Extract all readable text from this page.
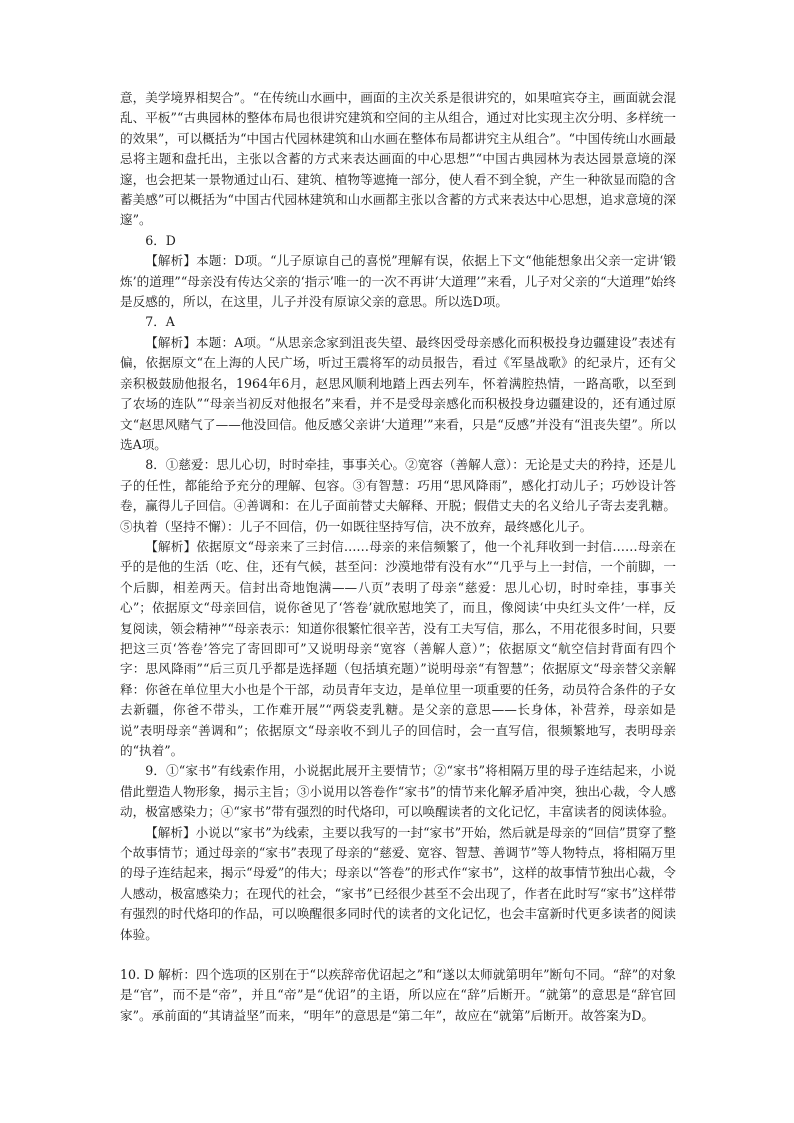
意，美学境界相契合”。“在传统山水画中，画面的主次关系是很讲究的，如果喧宾夺主，画面就会混乱、平板”“古典园林的整体布局也很讲究建筑和空间的主从组合，通过对比实现主次分明、多样统一的效果”，可以概括为“中国古代园林建筑和山水画在整体布局都讲究主从组合”。“中国传统山水画最忌将主题和盘托出，主张以含蓄的方式来表达画面的中心思想”“中国古典园林为表达园景意境的深邃，也会把某一景物通过山石、建筑、植物等遮掩一部分，使人看不到全貌，产生一种欲显而隐的含蓄美感”可以概括为“中国古代园林建筑和山水画都主张以含蓄的方式来表达中心思想，追求意境的深邃”。

6．D

【解析】本题：D项。“儿子原谅自己的喜悦”理解有误，依据上下文“他能想象出父亲一定讲‘锻炼’的道理”“母亲没有传达父亲的‘指示’唯一的一次不再讲‘大道理’”来看，儿子对父亲的“大道理”始终是反感的，所以，在这里，儿子并没有原谅父亲的意思。所以选D项。

7．A

【解析】本题：A项。“从思亲念家到沮丧失望、最终因受母亲感化而积极投身边疆建设”表述有偏，依据原文“在上海的人民广场，听过王震将军的动员报告，看过《军垦战歌》的纪录片，还有父亲积极鼓励他报名，1964年6月，赵思风顺利地踏上西去列车，怀着满腔热情，一路高歌，以至到了农场的连队”“母亲当初反对他报名”来看，并不是受母亲感化而积极投身边疆建设的，还有通过原文“赵思风赌气了——他没回信。他反感父亲讲‘大道理’”来看，只是“反感”并没有“沮丧失望”。所以选A项。

8．①慈爱：思儿心切，时时牵挂，事事关心。②宽容（善解人意）：无论是丈夫的矜持，还是儿子的任性，都能给予充分的理解、包容。③有智慧：巧用“思风降雨”，感化打动儿子；巧妙设计答卷，赢得儿子回信。④善调和：在儿子面前替丈夫解释、开脱；假借丈夫的名义给儿子寄去麦乳糖。⑤执着（坚持不懈）：儿子不回信，仍一如既往坚持写信，决不放弃，最终感化儿子。

【解析】依据原文“母亲来了三封信……母亲的来信频繁了，他一个礼拜收到一封信……母亲在乎的是他的生活（吃、住，还有气候，甚至问：沙漠地带有没有水”“几乎与上一封信，一个前脚，一个后脚，相差两天。信封出奇地饱满——八页”表明了母亲“慈爱：思儿心切，时时牵挂，事事关心”；依据原文“母亲回信，说你爸见了‘答卷’就欣慰地笑了，而且，像阅读‘中央红头文件’一样，反复阅读，领会精神”“母亲表示：知道你很繁忙很辛苦，没有工夫写信，那么，不用花很多时间，只要把这三页‘答卷’答完了寄回即可”又说明母亲“宽容（善解人意）”；依据原文“航空信封背面有四个字：思风降雨”“后三页几乎都是选择题（包括填充题）”说明母亲“有智慧”；依据原文“母亲替父亲解释：你爸在单位里大小也是个干部，动员青年支边，是单位里一项重要的任务，动员符合条件的子女去新疆，你爸不带头，工作难开展”“两袋麦乳糖。是父亲的意思——长身体，补营养，母亲如是说”表明母亲“善调和”；依据原文“母亲收不到儿子的回信时，会一直写信，很频繁地写，表明母亲的“执着”。

9．①“家书”有线索作用，小说据此展开主要情节；②“家书”将相隔万里的母子连结起来，小说借此塑造人物形象，揭示主旨；③小说用以答卷作“家书”的情节来化解矛盾冲突，独出心裁，令人感动，极富感染力；④“家书”带有强烈的时代烙印，可以唤醒读者的文化记忆，丰富读者的阅读体验。

【解析】小说以“家书”为线索，主要以我写的一封“家书”开始，然后就是母亲的“回信”贯穿了整个故事情节；通过母亲的“家书”表现了母亲的“慈爱、宽容、智慧、善调节”等人物特点，将相隔万里的母子连结起来，揭示“母爱”的伟大；母亲以“答卷”的形式作“家书”，这样的故事情节独出心裁，令人感动，极富感染力；在现代的社会，“家书”已经很少甚至不会出现了，作者在此时写“家书”这样带有强烈的时代烙印的作品，可以唤醒很多同时代的读者的文化记忆，也会丰富新时代更多读者的阅读体验。

10. D 解析：四个选项的区别在于“以疾辞帝优诏起之”和“遂以太师就第明年”断句不同。“辞”的对象是“官”，而不是“帝”，并且“帝”是“优诏”的主语，所以应在“辞”后断开。“就第”的意思是“辞官回家”。承前面的“其请益坚”而来，“明年”的意思是“第二年”，故应在“就第”后断开。故答案为D。
